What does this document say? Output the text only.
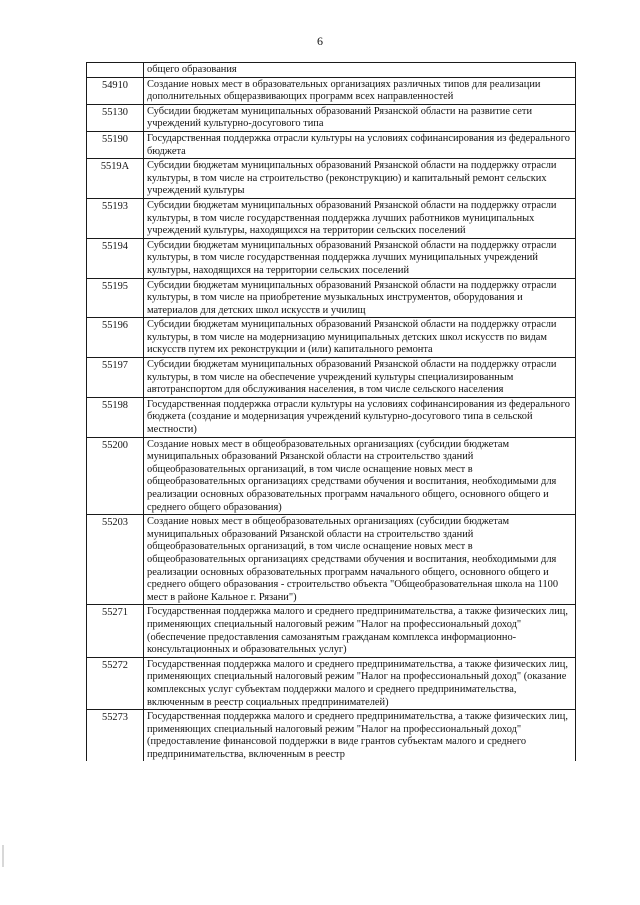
6
	общего образования
54910	Создание новых мест в образовательных организациях различных типов для реализации дополнительных общеразвивающих программ всех направленностей
55130	Субсидии бюджетам муниципальных образований Рязанской области на развитие сети учреждений культурно-досугового типа
55190	Государственная поддержка отрасли культуры на условиях софинансирования из федерального бюджета
5519A	Субсидии бюджетам муниципальных образований Рязанской области на поддержку отрасли культуры, в том числе на строительство (реконструкцию) и капитальный ремонт сельских учреждений культуры
55193	Субсидии бюджетам муниципальных образований Рязанской области на поддержку отрасли культуры, в том числе государственная поддержка лучших работников муниципальных учреждений культуры, находящихся на территории сельских поселений
55194	Субсидии бюджетам муниципальных образований Рязанской области на поддержку отрасли культуры, в том числе государственная поддержка лучших муниципальных учреждений культуры, находящихся на территории сельских поселений
55195	Субсидии бюджетам муниципальных образований Рязанской области на поддержку отрасли культуры, в том числе на приобретение музыкальных инструментов, оборудования и материалов для детских школ искусств и училищ
55196	Субсидии бюджетам муниципальных образований Рязанской области на поддержку отрасли культуры, в том числе на модернизацию муниципальных детских школ искусств по видам искусств путем их реконструкции и (или) капитального ремонта
55197	Субсидии бюджетам муниципальных образований Рязанской области на поддержку отрасли культуры, в том числе на обеспечение учреждений культуры специализированным автотранспортом для обслуживания населения, в том числе сельского населения
55198	Государственная поддержка отрасли культуры на условиях софинансирования из федерального бюджета (создание и модернизация учреждений культурно-досугового типа в сельской местности)
55200	Создание новых мест в общеобразовательных организациях (субсидии бюджетам муниципальных образований Рязанской области на строительство зданий общеобразовательных организаций, в том числе оснащение новых мест в общеобразовательных организациях средствами обучения и воспитания, необходимыми для реализации основных образовательных программ начального общего, основного общего и среднего общего образования)
55203	Создание новых мест в общеобразовательных организациях (субсидии бюджетам муниципальных образований Рязанской области на строительство зданий общеобразовательных организаций, в том числе оснащение новых мест в общеобразовательных организациях средствами обучения и воспитания, необходимыми для реализации основных образовательных программ начального общего, основного общего и среднего общего образования - строительство объекта "Общеобразовательная школа на 1100 мест в районе Кальное г. Рязани")
55271	Государственная поддержка малого и среднего предпринимательства, а также физических лиц, применяющих специальный налоговый режим "Налог на профессиональный доход" (обеспечение предоставления самозанятым гражданам комплекса информационно-консультационных и образовательных услуг)
55272	Государственная поддержка малого и среднего предпринимательства, а также физических лиц, применяющих специальный налоговый режим "Налог на профессиональный доход" (оказание комплексных услуг субъектам поддержки малого и среднего предпринимательства, включенным в реестр социальных предпринимателей)
55273	Государственная поддержка малого и среднего предпринимательства, а также физических лиц, применяющих специальный налоговый режим "Налог на профессиональный доход" (предоставление финансовой поддержки в виде грантов субъектам малого и среднего предпринимательства, включенным в реестр
